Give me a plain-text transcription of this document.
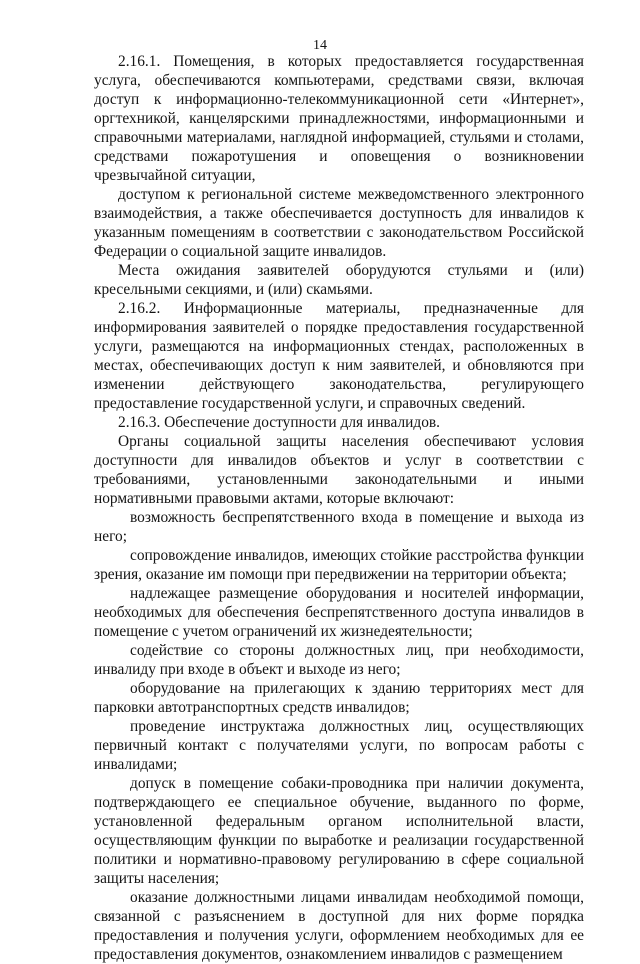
14

2.16.1. Помещения, в которых предоставляется государственная услуга, обеспечиваются компьютерами, средствами связи, включая доступ к информационно-телекоммуникационной сети «Интернет», оргтехникой, канцелярскими принадлежностями, информационными и справочными материалами, наглядной информацией, стульями и столами, средствами пожаротушения и оповещения о возникновении чрезвычайной ситуации,

доступом к региональной системе межведомственного электронного взаимодействия, а также обеспечивается доступность для инвалидов к указанным помещениям в соответствии с законодательством Российской Федерации о социальной защите инвалидов.

Места ожидания заявителей оборудуются стульями и (или) кресельными секциями, и (или) скамьями.

2.16.2. Информационные материалы, предназначенные для информирования заявителей о порядке предоставления государственной услуги, размещаются на информационных стендах, расположенных в местах, обеспечивающих доступ к ним заявителей, и обновляются при изменении действующего законодательства, регулирующего предоставление государственной услуги, и справочных сведений.

2.16.3. Обеспечение доступности для инвалидов.

Органы социальной защиты населения обеспечивают условия доступности для инвалидов объектов и услуг в соответствии с требованиями, установленными законодательными и иными нормативными правовыми актами, которые включают:

возможность беспрепятственного входа в помещение и выхода из него;

сопровождение инвалидов, имеющих стойкие расстройства функции зрения, оказание им помощи при передвижении на территории объекта;

надлежащее размещение оборудования и носителей информации, необходимых для обеспечения беспрепятственного доступа инвалидов в помещение с учетом ограничений их жизнедеятельности;

содействие со стороны должностных лиц, при необходимости, инвалиду при входе в объект и выходе из него;

оборудование на прилегающих к зданию территориях мест для парковки автотранспортных средств инвалидов;

проведение инструктажа должностных лиц, осуществляющих первичный контакт с получателями услуги, по вопросам работы с инвалидами;

допуск в помещение собаки-проводника при наличии документа, подтверждающего ее специальное обучение, выданного по форме, установленной федеральным органом исполнительной власти, осуществляющим функции по выработке и реализации государственной политики и нормативно-правовому регулированию в сфере социальной защиты населения;

оказание должностными лицами инвалидам необходимой помощи, связанной с разъяснением в доступной для них форме порядка предоставления и получения услуги, оформлением необходимых для ее предоставления документов, ознакомлением инвалидов с размещением
